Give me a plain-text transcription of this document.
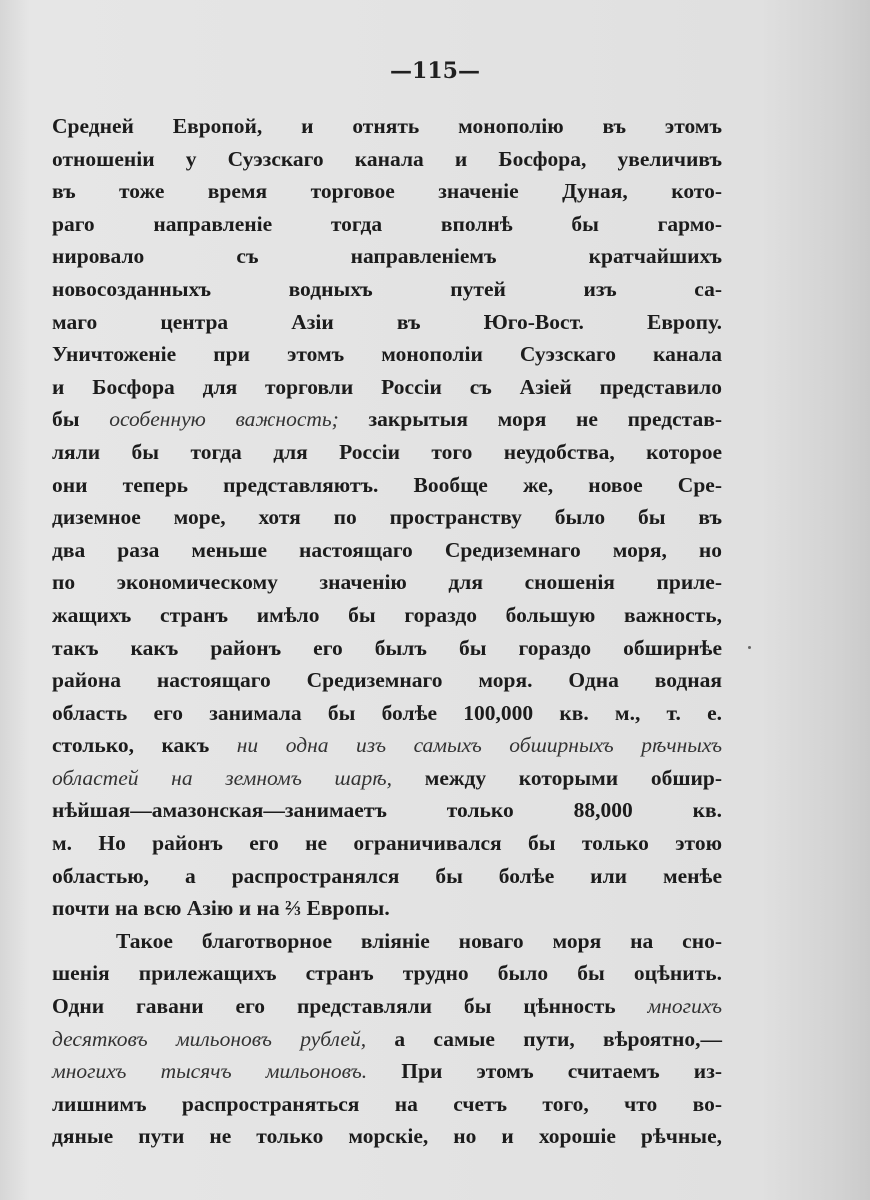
—115—
Средней Европой, и отнять монополію въ этомъ
отношеніи у Суэзскаго канала и Босфора, увеличивъ
въ тоже время торговое значеніе Дуная, кото-
раго направленіе тогда вполнѣ бы гармо-
нировало съ направленіемъ кратчайшихъ
новосозданныхъ водныхъ путей изъ са-
маго центра Азіи въ Юго-Вост. Европу.
Уничтоженіе при этомъ монополіи Суэзскаго канала
и Босфора для торговли Россіи съ Азіей представило
бы особенную важность; закрытыя моря не представ-
ляли бы тогда для Россіи того неудобства, которое
они теперь представляютъ. Вообще же, новое Сре-
диземное море, хотя по пространству было бы въ
два раза меньше настоящаго Средиземнаго моря, но
по экономическому значенію для сношенія приле-
жащихъ странъ имѣло бы гораздо большую важность,
такъ какъ районъ его былъ бы гораздо обширнѣе
района настоящаго Средиземнаго моря. Одна водная
область его занимала бы болѣе 100,000 кв. м., т. е.
столько, какъ ни одна изъ самыхъ обширныхъ рѣчныхъ
областей на земномъ шарѣ, между которыми обшир-
нѣйшая—амазонская—занимаетъ только 88,000 кв.
м. Но районъ его не ограничивался бы только этою
областью, а распространялся бы болѣе или менѣе
почти на всю Азію и на ⅔ Европы.
Такое благотворное вліяніе новаго моря на сно-
шенія прилежащихъ странъ трудно было бы оцѣнить.
Одни гавани его представляли бы цѣнность многихъ
десятковъ мильоновъ рублей, а самые пути, вѣроятно,—
многихъ тысячъ мильоновъ. При этомъ считаемъ из-
лишнимъ распространяться на счетъ того, что во-
дяные пути не только морскіе, но и хорошіе рѣчные,
